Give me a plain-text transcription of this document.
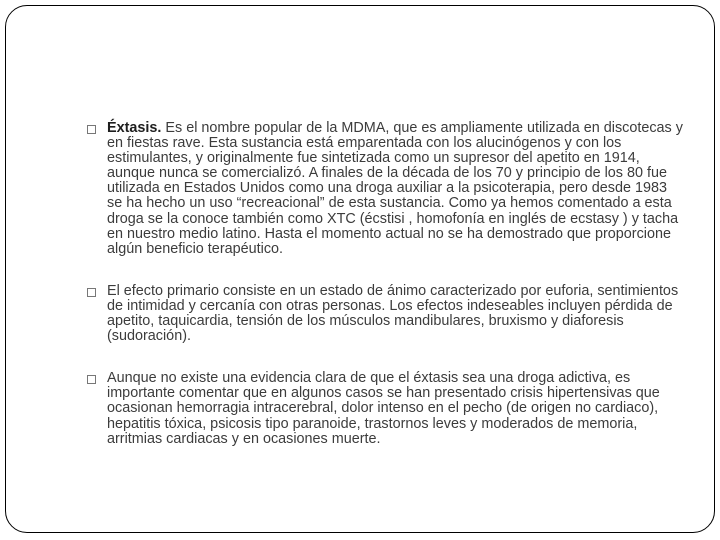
Éxtasis. Es el nombre popular de la MDMA, que es ampliamente utilizada en discotecas y en fiestas rave. Esta sustancia está emparentada con los alucinógenos y con los estimulantes, y originalmente fue sintetizada como un supresor del apetito en 1914, aunque nunca se comercializó. A finales de la década de los 70 y principio de los 80 fue utilizada en Estados Unidos como una droga auxiliar a la psicoterapia, pero desde 1983 se ha hecho un uso “recreacional” de esta sustancia. Como ya hemos comentado a esta droga se la conoce también como XTC (écstisi , homofonía en inglés de ecstasy ) y tacha en nuestro medio latino. Hasta el momento actual no se ha demostrado que proporcione algún beneficio terapéutico.
El efecto primario consiste en un estado de ánimo caracterizado por euforia, sentimientos de intimidad y cercanía con otras personas. Los efectos indeseables incluyen pérdida de apetito, taquicardia, tensión de los músculos mandibulares, bruxismo y diaforesis (sudoración).
Aunque no existe una evidencia clara de que el éxtasis sea una droga adictiva, es importante comentar que en algunos casos se han presentado crisis hipertensivas que ocasionan hemorragia intracerebral, dolor intenso en el pecho (de origen no cardiaco), hepatitis tóxica, psicosis tipo paranoide, trastornos leves y moderados de memoria, arritmias cardiacas y en ocasiones muerte.
